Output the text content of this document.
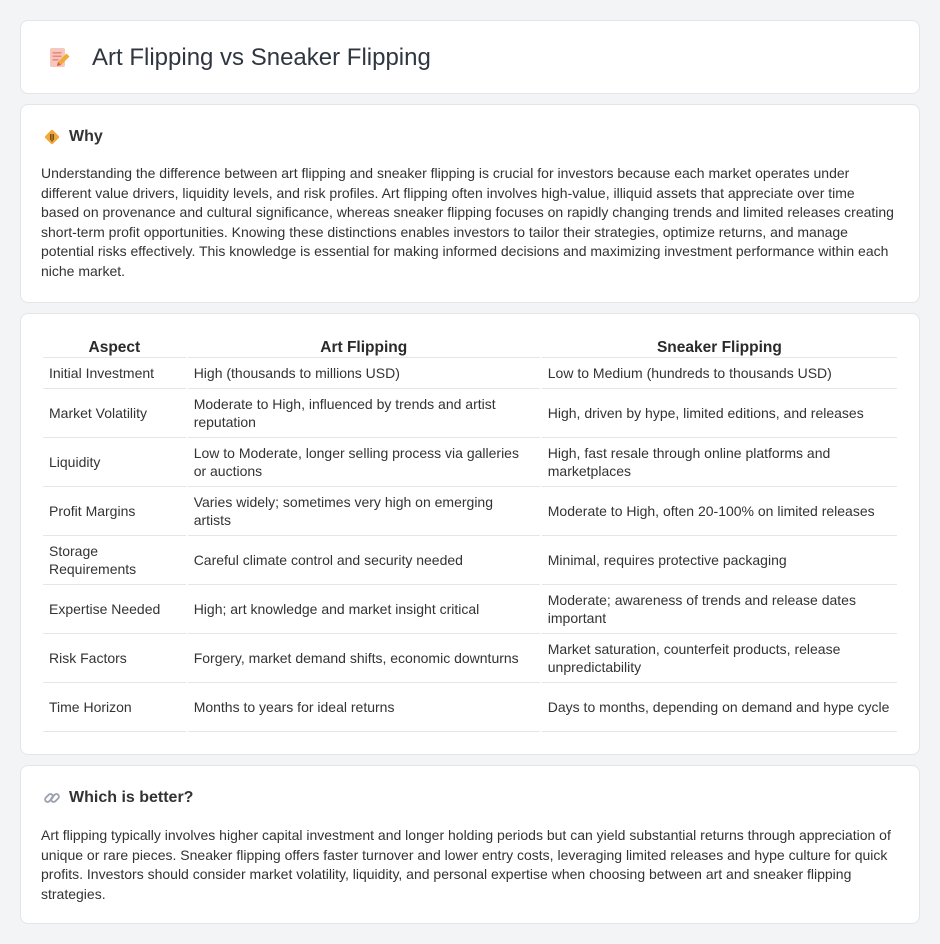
Art Flipping vs Sneaker Flipping
Why

Understanding the difference between art flipping and sneaker flipping is crucial for investors because each market operates under different value drivers, liquidity levels, and risk profiles. Art flipping often involves high-value, illiquid assets that appreciate over time based on provenance and cultural significance, whereas sneaker flipping focuses on rapidly changing trends and limited releases creating short-term profit opportunities. Knowing these distinctions enables investors to tailor their strategies, optimize returns, and manage potential risks effectively. This knowledge is essential for making informed decisions and maximizing investment performance within each niche market.

Aspect	Art Flipping	Sneaker Flipping
Initial Investment	High (thousands to millions USD)	Low to Medium (hundreds to thousands USD)
Market Volatility	Moderate to High, influenced by trends and artist reputation	High, driven by hype, limited editions, and releases
Liquidity	Low to Moderate, longer selling process via galleries or auctions	High, fast resale through online platforms and marketplaces
Profit Margins	Varies widely; sometimes very high on emerging artists	Moderate to High, often 20-100% on limited releases
Storage Requirements	Careful climate control and security needed	Minimal, requires protective packaging
Expertise Needed	High; art knowledge and market insight critical	Moderate; awareness of trends and release dates important
Risk Factors	Forgery, market demand shifts, economic downturns	Market saturation, counterfeit products, release unpredictability
Time Horizon	Months to years for ideal returns	Days to months, depending on demand and hype cycle
Which is better?

Art flipping typically involves higher capital investment and longer holding periods but can yield substantial returns through appreciation of unique or rare pieces. Sneaker flipping offers faster turnover and lower entry costs, leveraging limited releases and hype culture for quick profits. Investors should consider market volatility, liquidity, and personal expertise when choosing between art and sneaker flipping strategies.
